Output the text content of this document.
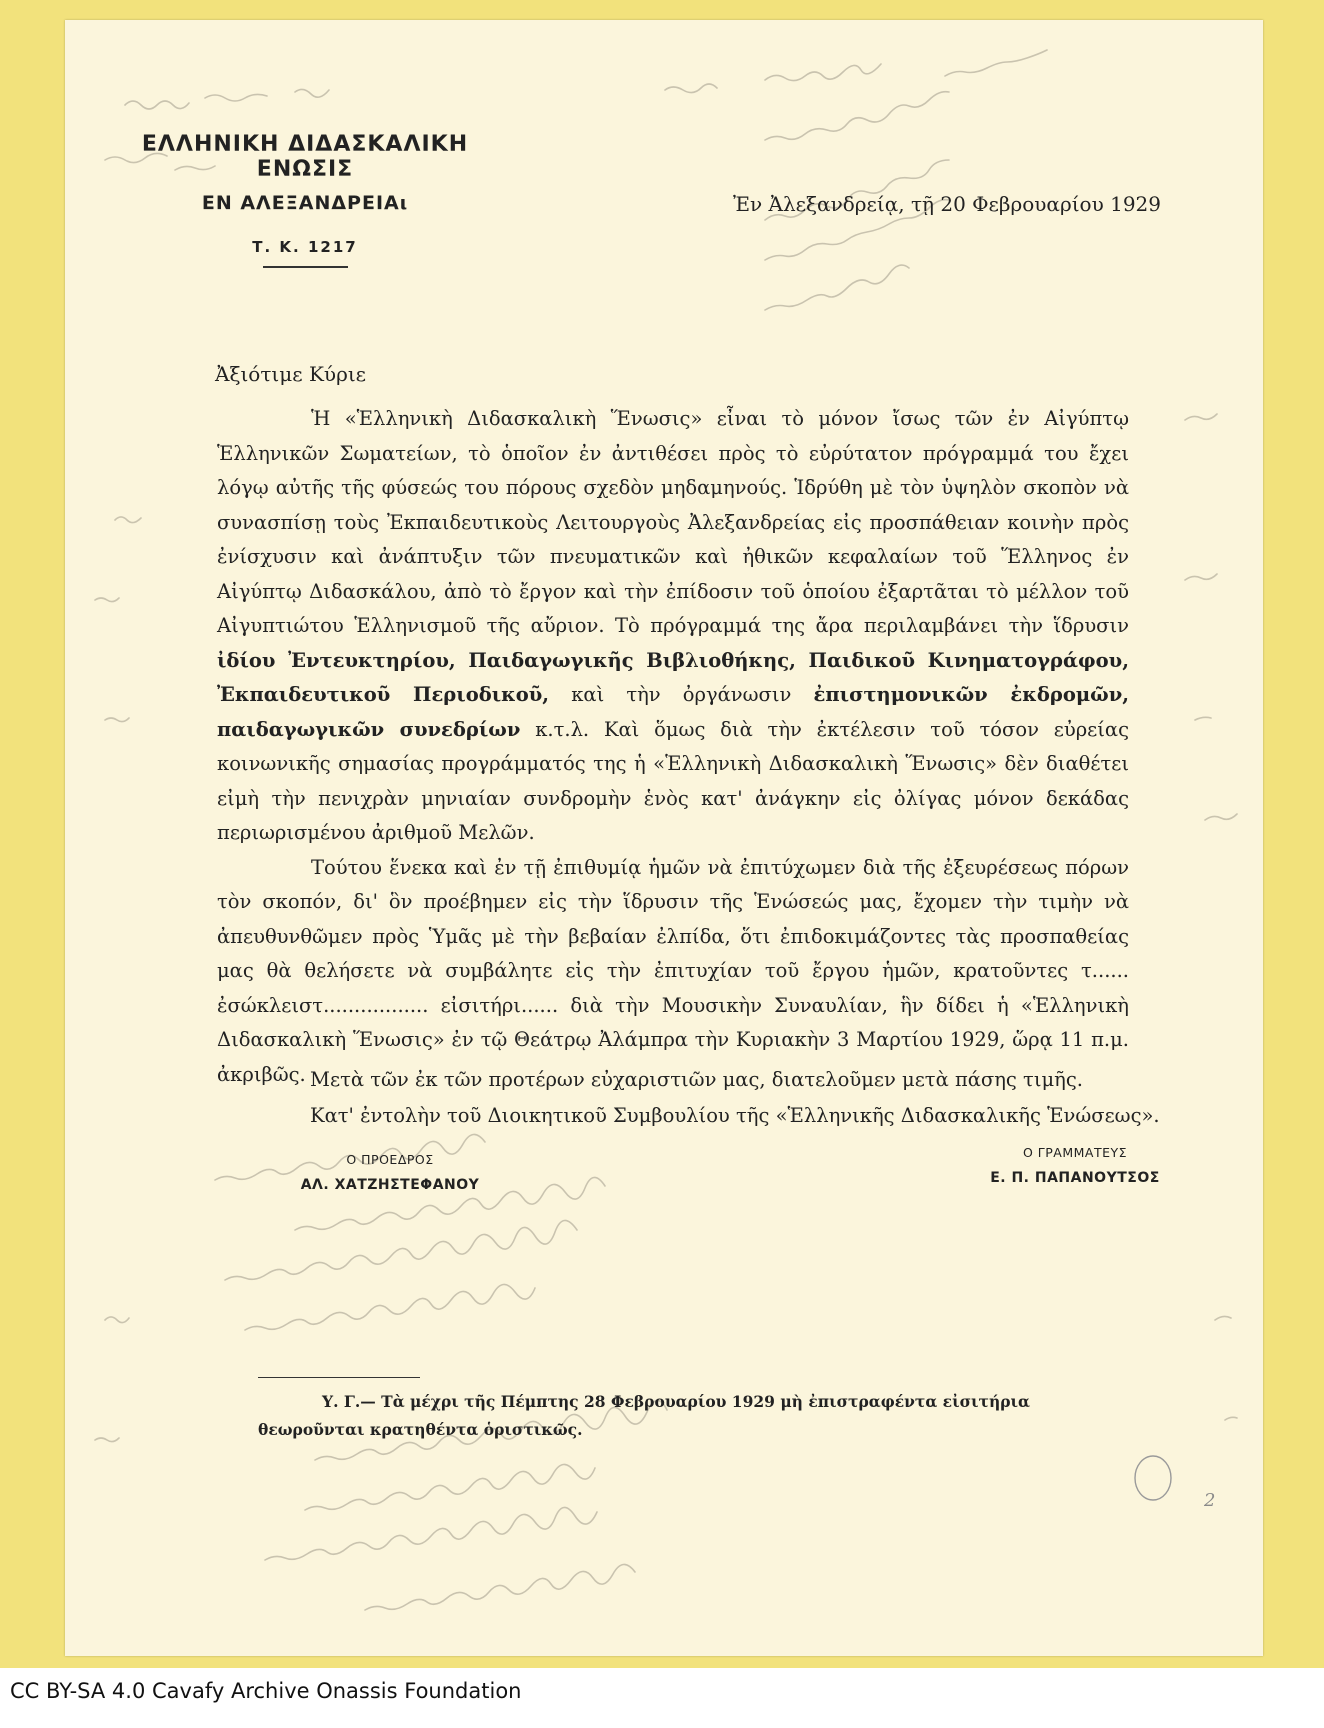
ΕΛΛΗΝΙΚΗ ΔΙΔΑΣΚΑΛΙΚΗ ΕΝΩΣΙΣ
ΕΝ ΑΛΕΞΑΝΔΡΕΙΑι
Τ. Κ. 1217
Ἐν Ἀλεξανδρείᾳ, τῇ 20 Φεβρουαρίου 1929
Ἀξιότιμε Κύριε

Ἡ «Ἑλληνικὴ Διδασκαλικὴ Ἕνωσις» εἶναι τὸ μόνον ἴσως τῶν ἐν Αἰγύπτῳ Ἑλληνικῶν Σωματείων, τὸ ὁποῖον ἐν ἀντιθέσει πρὸς τὸ εὐρύτατον πρόγραμμά του ἔχει λόγῳ αὐτῆς τῆς φύσεώς του πόρους σχεδὸν μηδαμηνούς. Ἱδρύθη μὲ τὸν ὑψηλὸν σκοπὸν νὰ συνασπίσῃ τοὺς Ἐκπαιδευτικοὺς Λειτουργοὺς Ἀλεξανδρείας εἰς προσπάθειαν κοινὴν πρὸς ἐνίσχυσιν καὶ ἀνάπτυξιν τῶν πνευματικῶν καὶ ἠθικῶν κεφαλαίων τοῦ Ἕλληνος ἐν Αἰγύπτῳ Διδασκάλου, ἀπὸ τὸ ἔργον καὶ τὴν ἐπίδοσιν τοῦ ὁποίου ἐξαρτᾶται τὸ μέλλον τοῦ Αἰγυπτιώτου Ἑλληνισμοῦ τῆς αὔριον. Τὸ πρόγραμμά της ἄρα περιλαμβάνει τὴν ἵδρυσιν ἰδίου Ἐντευκτηρίου, Παιδαγωγικῆς Βιβλιοθήκης, Παιδικοῦ Κινηματογράφου, Ἐκπαιδευτικοῦ Περιοδικοῦ, καὶ τὴν ὀργάνωσιν ἐπιστημονικῶν ἐκδρομῶν, παιδαγωγικῶν συνεδρίων κ.τ.λ. Καὶ ὅμως διὰ τὴν ἐκτέλεσιν τοῦ τόσον εὐρείας κοινωνικῆς σημασίας προγράμματός της ἡ «Ἑλληνικὴ Διδασκαλικὴ Ἕνωσις» δὲν διαθέτει εἰμὴ τὴν πενιχρὰν μηνιαίαν συνδρομὴν ἑνὸς κατ' ἀνάγκην εἰς ὀλίγας μόνον δεκάδας περιωρισμένου ἀριθμοῦ Μελῶν.

Τούτου ἕνεκα καὶ ἐν τῇ ἐπιθυμίᾳ ἡμῶν νὰ ἐπιτύχωμεν διὰ τῆς ἐξευρέσεως πόρων τὸν σκοπόν, δι' ὃν προέβημεν εἰς τὴν ἵδρυσιν τῆς Ἑνώσεώς μας, ἔχομεν τὴν τιμὴν νὰ ἀπευθυνθῶμεν πρὸς Ὑμᾶς μὲ τὴν βεβαίαν ἐλπίδα, ὅτι ἐπιδοκιμάζοντες τὰς προσπαθείας μας θὰ θελήσετε νὰ συμβάλητε εἰς τὴν ἐπιτυχίαν τοῦ ἔργου ἡμῶν, κρατοῦντες τ...... ἐσώκλειστ................. εἰσιτήρι...... διὰ τὴν Μουσικὴν Συναυλίαν, ἣν δίδει ἡ «Ἑλληνικὴ Διδασκαλικὴ Ἕνωσις» ἐν τῷ Θεάτρῳ Ἀλάμπρα τὴν Κυριακὴν 3 Μαρτίου 1929, ὥρᾳ 11 π.μ. ἀκριβῶς. Μετὰ τῶν ἐκ τῶν προτέρων εὐχαριστιῶν μας, διατελοῦμεν μετὰ πάσης τιμῆς.
Κατ' ἐντολὴν τοῦ Διοικητικοῦ Συμβουλίου τῆς «Ἑλληνικῆς Διδασκαλικῆς Ἑνώσεως».
Ο ΠΡΟΕΔΡΟΣ
ΑΛ. ΧΑΤΖΗΣΤΕΦΑΝΟΥ
Ο ΓΡΑΜΜΑΤΕΥΣ
Ε. Π. ΠΑΠΑΝΟΥΤΣΟΣ
Υ. Γ.— Τὰ μέχρι τῆς Πέμπτης 28 Φεβρουαρίου 1929 μὴ ἐπιστραφέντα εἰσιτήρια θεωροῦνται κρατηθέντα ὁριστικῶς.
2
CC BY-SA 4.0 Cavafy Archive Onassis Foundation
